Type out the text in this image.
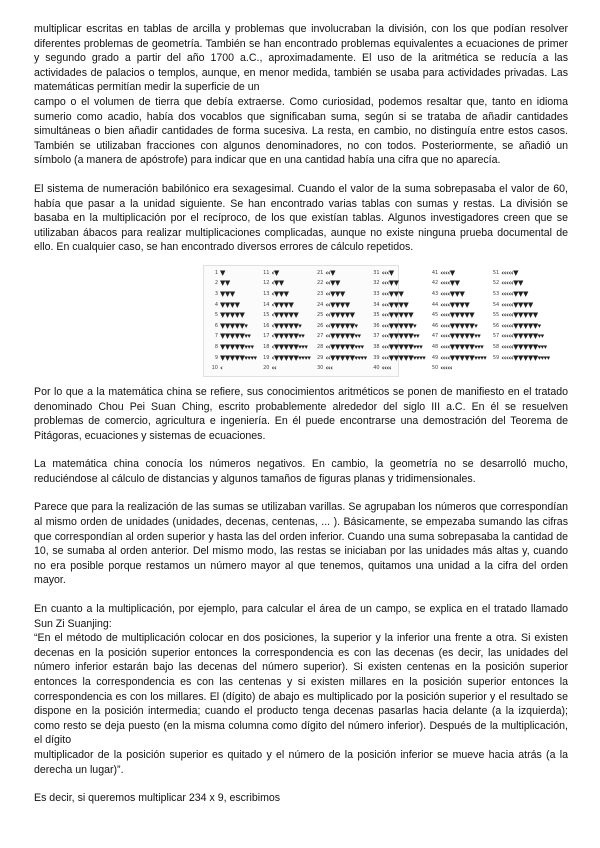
multiplicar escritas en tablas de arcilla y problemas que involucraban la división, con los que podían resolver diferentes problemas de geometría. También se han encontrado problemas equivalentes a ecuaciones de primer y segundo grado a partir del año 1700 a.C., aproximadamente. El uso de la aritmética se reducía a las actividades de palacios o templos, aunque, en menor medida, también se usaba para actividades privadas. Las matemáticas permitían medir la superficie de un

campo o el volumen de tierra que debía extraerse. Como curiosidad, podemos resaltar que, tanto en idioma sumerio como acadio, había dos vocablos que significaban suma, según si se trataba de añadir cantidades simultáneas o bien añadir cantidades de forma sucesiva. La resta, en cambio, no distinguía entre estos casos. También se utilizaban fracciones con algunos denominadores, no con todos. Posteriormente, se añadió un símbolo (a manera de apóstrofe) para indicar que en una cantidad había una cifra que no aparecía.

El sistema de numeración babilónico era sexagesimal. Cuando el valor de la suma sobrepasaba el valor de 60, había que pasar a la unidad siguiente. Se han encontrado varias tablas con sumas y restas. La división se basaba en la multiplicación por el recíproco, de los que existían tablas. Algunos investigadores creen que se utilizaban ábacos para realizar multiplicaciones complicadas, aunque no existe ninguna prueba documental de ello. En cualquier caso, se han encontrado diversos errores de cálculo repetidos.

1 ▼	11 ‹▼	21 ‹‹▼	31 ‹‹‹▼	41 ‹‹‹‹▼	51 ‹‹‹‹‹▼
2 ▼▼	12 ‹▼▼	22 ‹‹▼▼	32 ‹‹‹▼▼	42 ‹‹‹‹▼▼	52 ‹‹‹‹‹▼▼
3 ▼▼▼	13 ‹▼▼▼	23 ‹‹▼▼▼	33 ‹‹‹▼▼▼	43 ‹‹‹‹▼▼▼	53 ‹‹‹‹‹▼▼▼
4 ▼▼▼▼	14 ‹▼▼▼▼	24 ‹‹▼▼▼▼	34 ‹‹‹▼▼▼▼	44 ‹‹‹‹▼▼▼▼	54 ‹‹‹‹‹▼▼▼▼
5 ▼▼▼▼▼	15 ‹▼▼▼▼▼	25 ‹‹▼▼▼▼▼	35 ‹‹‹▼▼▼▼▼	45 ‹‹‹‹▼▼▼▼▼	55 ‹‹‹‹‹▼▼▼▼▼
6 ▼▼▼▼▼▾	16 ‹▼▼▼▼▼▾	26 ‹‹▼▼▼▼▼▾	36 ‹‹‹▼▼▼▼▼▾	46 ‹‹‹‹▼▼▼▼▼▾	56 ‹‹‹‹‹▼▼▼▼▼▾
7 ▼▼▼▼▼▾▾	17 ‹▼▼▼▼▼▾▾	27 ‹‹▼▼▼▼▼▾▾	37 ‹‹‹▼▼▼▼▼▾▾	47 ‹‹‹‹▼▼▼▼▼▾▾	57 ‹‹‹‹‹▼▼▼▼▼▾▾
8 ▼▼▼▼▼▾▾▾	18 ‹▼▼▼▼▼▾▾▾	28 ‹‹▼▼▼▼▼▾▾▾	38 ‹‹‹▼▼▼▼▼▾▾▾	48 ‹‹‹‹▼▼▼▼▼▾▾▾	58 ‹‹‹‹‹▼▼▼▼▼▾▾▾
9 ▼▼▼▼▼▾▾▾▾	19 ‹▼▼▼▼▼▾▾▾▾	29 ‹‹▼▼▼▼▼▾▾▾▾	39 ‹‹‹▼▼▼▼▼▾▾▾▾	49 ‹‹‹‹▼▼▼▼▼▾▾▾▾	59 ‹‹‹‹‹▼▼▼▼▼▾▾▾▾
10 ‹	20 ‹‹	30 ‹‹‹	40 ‹‹‹‹	50 ‹‹‹‹‹

Por lo que a la matemática china se refiere, sus conocimientos aritméticos se ponen de manifiesto en el tratado denominado Chou Pei Suan Ching, escrito probablemente alrededor del siglo III a.C. En él se resuelven problemas de comercio, agricultura e ingeniería. En él puede encontrarse una demostración del Teorema de Pitágoras, ecuaciones y sistemas de ecuaciones.

La matemática china conocía los números negativos. En cambio, la geometría no se desarrolló mucho, reduciéndose al cálculo de distancias y algunos tamaños de figuras planas y tridimensionales.

Parece que para la realización de las sumas se utilizaban varillas. Se agrupaban los números que correspondían al mismo orden de unidades (unidades, decenas, centenas, ... ). Básicamente, se empezaba sumando las cifras que correspondían al orden superior y hasta las del orden inferior. Cuando una suma sobrepasaba la cantidad de 10, se sumaba al orden anterior. Del mismo modo, las restas se iniciaban por las unidades más altas y, cuando no era posible porque restamos un número mayor al que tenemos, quitamos una unidad a la cifra del orden mayor.

En cuanto a la multiplicación, por ejemplo, para calcular el área de un campo, se explica en el tratado llamado Sun Zi Suanjing:

“En el método de multiplicación colocar en dos posiciones, la superior y la inferior una frente a otra. Si existen decenas en la posición superior entonces la correspondencia es con las decenas (es decir, las unidades del número inferior estarán bajo las decenas del número superior). Si existen centenas en la posición superior entonces la correspondencia es con las centenas y si existen millares en la posición superior entonces la correspondencia es con los millares. El (dígito) de abajo es multiplicado por la posición superior y el resultado se dispone en la posición intermedia; cuando el producto tenga decenas pasarlas hacia delante (a la izquierda); como resto se deja puesto (en la misma columna como dígito del número inferior). Después de la multiplicación, el dígito

multiplicador de la posición superior es quitado y el número de la posición inferior se mueve hacia atrás (a la derecha un lugar)”.

Es decir, si queremos multiplicar 234 x 9, escribimos
